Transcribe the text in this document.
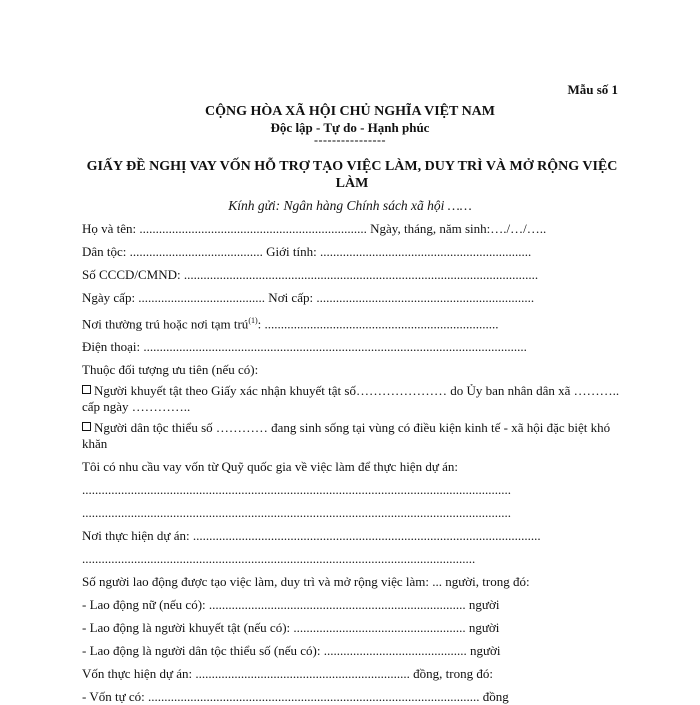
Mẫu số 1
CỘNG HÒA XÃ HỘI CHỦ NGHĨA VIỆT NAM
Độc lập - Tự do - Hạnh phúc
----------------
GIẤY ĐỀ NGHỊ VAY VỐN HỖ TRỢ TẠO VIỆC LÀM, DUY TRÌ VÀ MỞ RỘNG VIỆC LÀM
Kính gửi: Ngân hàng Chính sách xã hội ……
Họ và tên: ...................................................................... Ngày, tháng, năm sinh:…./…/…..
Dân tộc: ......................................... Giới tính: .................................................................
Số CCCD/CMND: .............................................................................................................
Ngày cấp: ....................................... Nơi cấp: ...................................................................
Nơi thường trú hoặc nơi tạm trú$^{(1)}$: ........................................................................
Điện thoại: ......................................................................................................................
Thuộc đối tượng ưu tiên (nếu có):
Người khuyết tật theo Giấy xác nhận khuyết tật số………………… do Ủy ban nhân dân xã ……….. cấp ngày …………..
Người dân tộc thiểu số ………… đang sinh sống tại vùng có điều kiện kinh tế - xã hội đặc biệt khó khăn
Tôi có nhu cầu vay vốn từ Quỹ quốc gia về việc làm để thực hiện dự án:
....................................................................................................................................
....................................................................................................................................
Nơi thực hiện dự án: ...........................................................................................................
.........................................................................................................................
Số người lao động được tạo việc làm, duy trì và mở rộng việc làm: ... người, trong đó:
- Lao động nữ (nếu có): ............................................................................... người
- Lao động là người khuyết tật (nếu có): ..................................................... người
- Lao động là người dân tộc thiểu số (nếu có): ............................................ người
Vốn thực hiện dự án: .................................................................. đồng, trong đó:
- Vốn tự có: ...................................................................................................... đồng
